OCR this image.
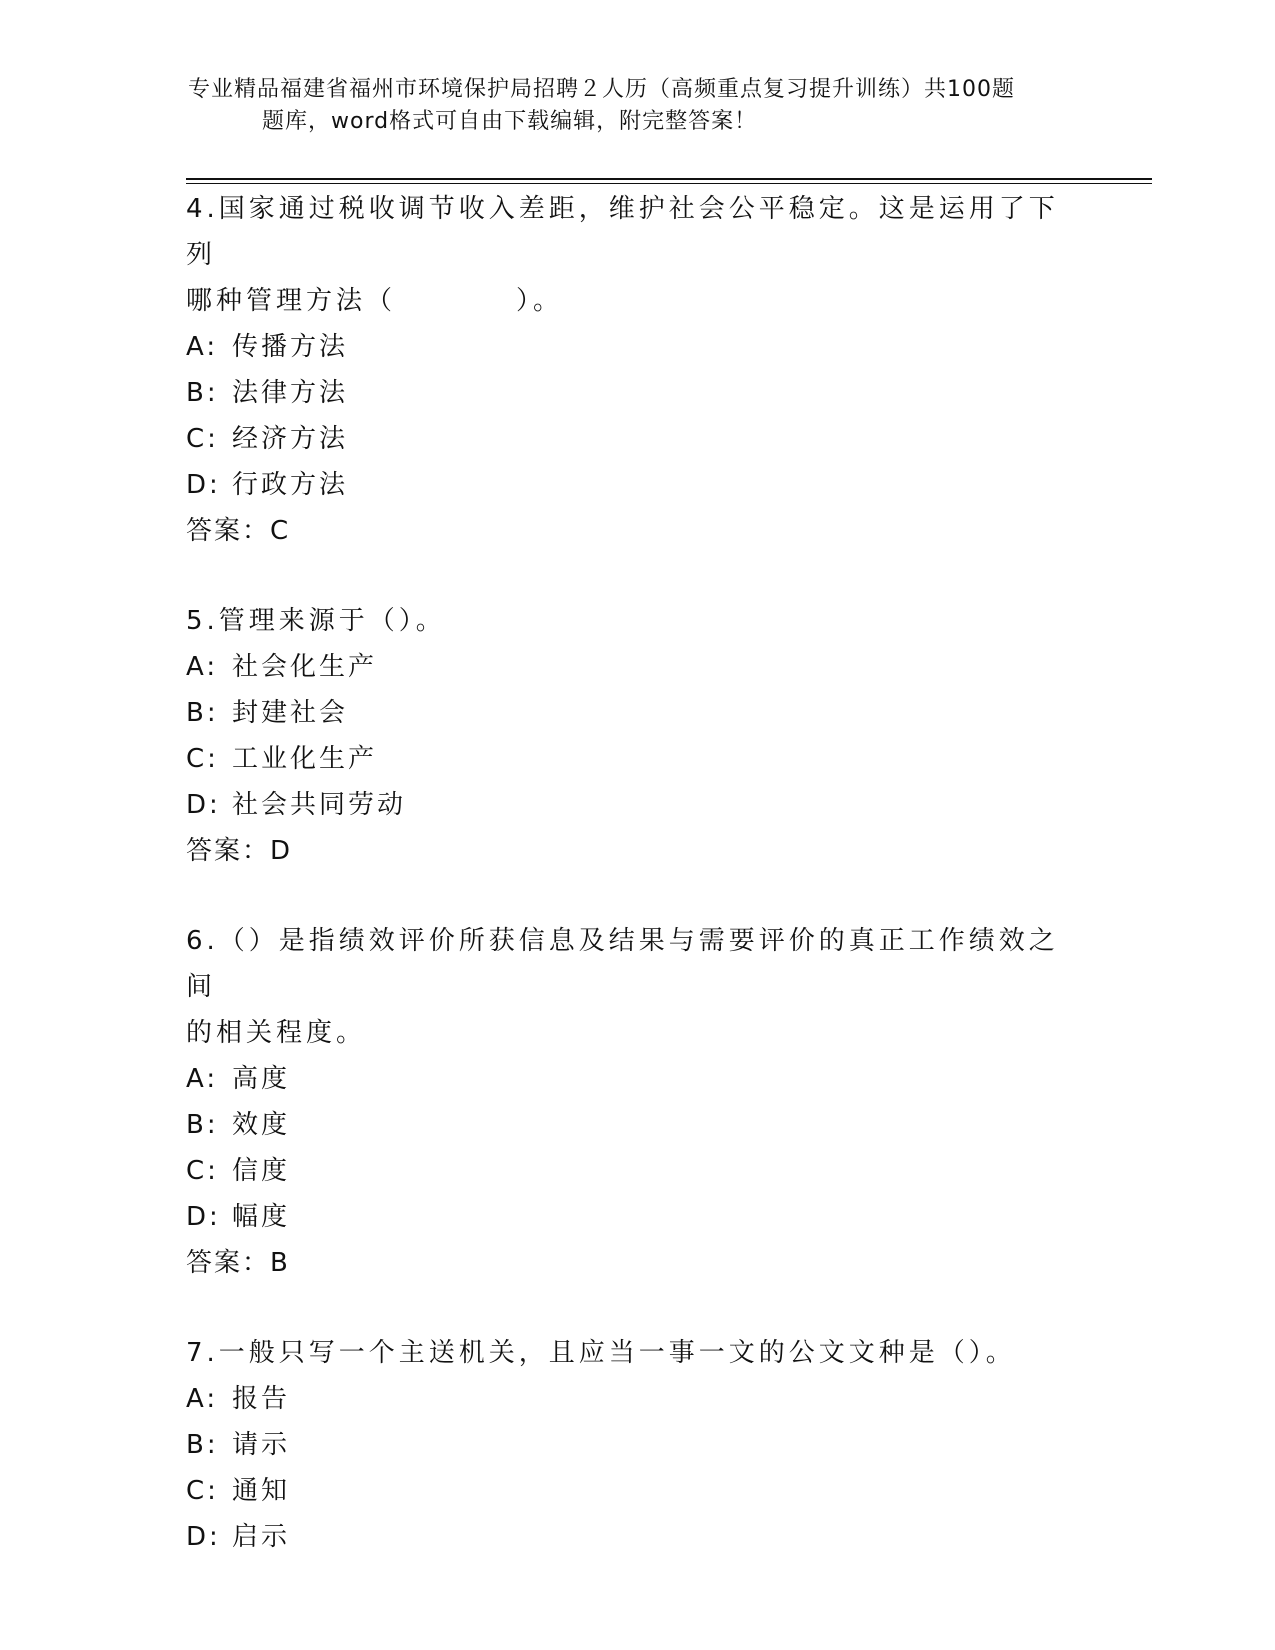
专业精品福建省福州市环境保护局招聘２人历（高频重点复习提升训练）共100题
题库，word格式可自由下载编辑，附完整答案！
4.国家通过税收调节收入差距，维护社会公平稳定。这是运用了下列
哪种管理方法（　　　　）。
A: 传播方法
B: 法律方法
C: 经济方法
D: 行政方法
答案：C
5.管理来源于（）。
A: 社会化生产
B: 封建社会
C: 工业化生产
D: 社会共同劳动
答案：D
6.（）是指绩效评价所获信息及结果与需要评价的真正工作绩效之间
的相关程度。
A: 高度
B: 效度
C: 信度
D: 幅度
答案：B
7.一般只写一个主送机关，且应当一事一文的公文文种是（）。
A: 报告
B: 请示
C: 通知
D: 启示
